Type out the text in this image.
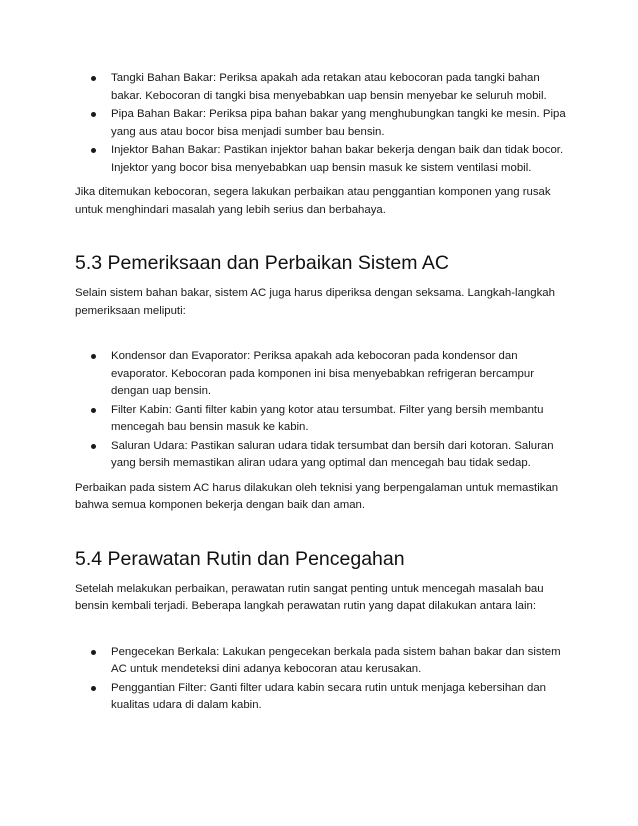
Tangki Bahan Bakar: Periksa apakah ada retakan atau kebocoran pada tangki bahan bakar. Kebocoran di tangki bisa menyebabkan uap bensin menyebar ke seluruh mobil.
Pipa Bahan Bakar: Periksa pipa bahan bakar yang menghubungkan tangki ke mesin. Pipa yang aus atau bocor bisa menjadi sumber bau bensin.
Injektor Bahan Bakar: Pastikan injektor bahan bakar bekerja dengan baik dan tidak bocor. Injektor yang bocor bisa menyebabkan uap bensin masuk ke sistem ventilasi mobil.

Jika ditemukan kebocoran, segera lakukan perbaikan atau penggantian komponen yang rusak untuk menghindari masalah yang lebih serius dan berbahaya.

5.3 Pemeriksaan dan Perbaikan Sistem AC

Selain sistem bahan bakar, sistem AC juga harus diperiksa dengan seksama. Langkah-langkah pemeriksaan meliputi:

Kondensor dan Evaporator: Periksa apakah ada kebocoran pada kondensor dan evaporator. Kebocoran pada komponen ini bisa menyebabkan refrigeran bercampur dengan uap bensin.
Filter Kabin: Ganti filter kabin yang kotor atau tersumbat. Filter yang bersih membantu mencegah bau bensin masuk ke kabin.
Saluran Udara: Pastikan saluran udara tidak tersumbat dan bersih dari kotoran. Saluran yang bersih memastikan aliran udara yang optimal dan mencegah bau tidak sedap.

Perbaikan pada sistem AC harus dilakukan oleh teknisi yang berpengalaman untuk memastikan bahwa semua komponen bekerja dengan baik dan aman.

5.4 Perawatan Rutin dan Pencegahan

Setelah melakukan perbaikan, perawatan rutin sangat penting untuk mencegah masalah bau bensin kembali terjadi. Beberapa langkah perawatan rutin yang dapat dilakukan antara lain:

Pengecekan Berkala: Lakukan pengecekan berkala pada sistem bahan bakar dan sistem AC untuk mendeteksi dini adanya kebocoran atau kerusakan.
Penggantian Filter: Ganti filter udara kabin secara rutin untuk menjaga kebersihan dan kualitas udara di dalam kabin.
